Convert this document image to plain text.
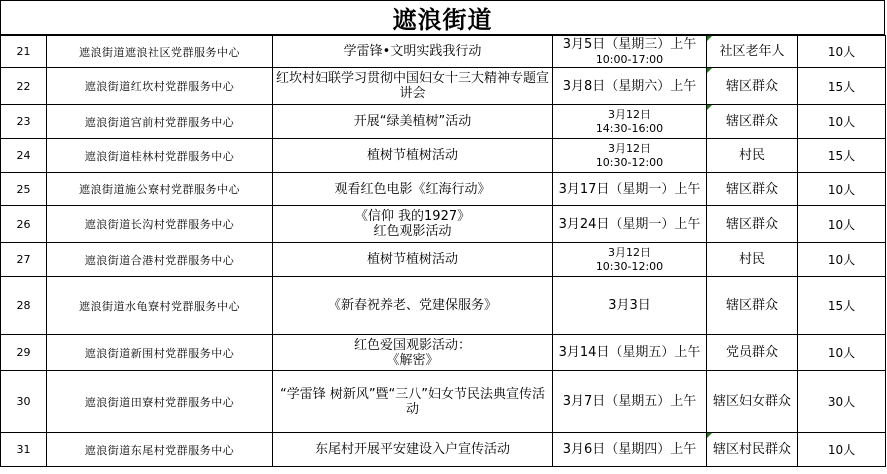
遮浪街道
21	遮浪街道遮浪社区党群服务中心	学雷锋•文明实践我行动	3月5日（星期三）上午
10:00-17:00	社区老年人	10人
22	遮浪街道红坎村党群服务中心	红坎村妇联学习贯彻中国妇女十三大精神专题宣讲会	3月8日（星期六）上午	辖区群众	15人
23	遮浪街道宫前村党群服务中心	开展“绿美植树”活动	3月12日
14:30-16:00	辖区群众	10人
24	遮浪街道桂林村党群服务中心	植树节植树活动	3月12日
10:30-12:00	村民	15人
25	遮浪街道施公寮村党群服务中心	观看红色电影《红海行动》	3月17日（星期一）上午	辖区群众	10人
26	遮浪街道长沟村党群服务中心	《信仰 我的1927》
红色观影活动	3月24日（星期一）上午	辖区群众	10人
27	遮浪街道合港村党群服务中心	植树节植树活动	3月12日
10:30-12:00	村民	10人
28	遮浪街道水龟寮村党群服务中心	《新春祝养老、党建保服务》	3月3日	辖区群众	15人
29	遮浪街道新围村党群服务中心	红色爱国观影活动：
《解密》	3月14日（星期五）上午	党员群众	10人
30	遮浪街道田寮村党群服务中心	“学雷锋 树新风”暨“三八”妇女节民法典宣传活动	3月7日（星期五）上午	辖区妇女群众	30人
31	遮浪街道东尾村党群服务中心	东尾村开展平安建设入户宣传活动	3月6日（星期四）上午	辖区村民群众	10人
